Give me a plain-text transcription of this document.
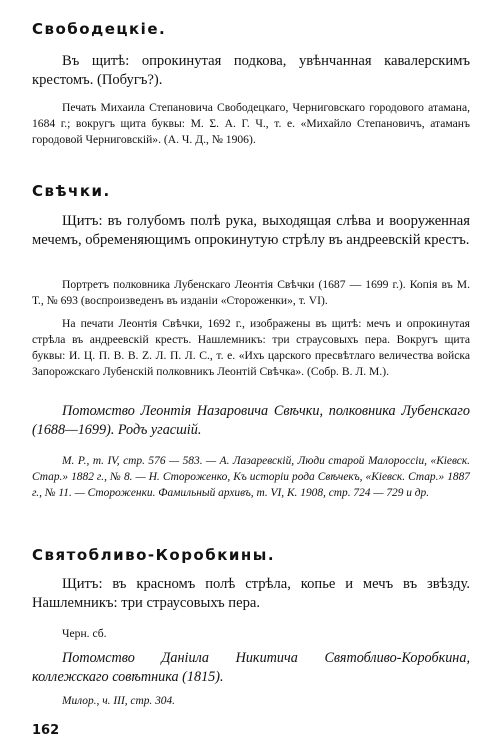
Свободецкіе.

Въ щитѣ: опрокинутая подкова, увѣнчанная кавалерскимъ крестомъ. (Побугъ?).

Печать Михаила Степановича Свободецкаго, Черниговскаго городового атамана, 1684 г.; вокругъ щита буквы: М. Σ. А. Г. Ч., т. е. «Михайло Степановичъ, атаманъ городовой Черниговскій». (А. Ч. Д., № 1906).

Свѣчки.

Щитъ: въ голубомъ полѣ рука, выходящая слѣва и вооруженная мечемъ, обременяющимъ опрокинутую стрѣлу въ андреевскій крестъ.

Портретъ полковника Лубенскаго Леонтія Свѣчки (1687 — 1699 г.). Копія въ М. Т., № 693 (воспроизведенъ въ изданіи «Стороженки», т. VI).

На печати Леонтія Свѣчки, 1692 г., изображены въ щитѣ: мечъ и опрокинутая стрѣла въ андреевскій крестъ. Нашлемникъ: три страусовыхъ пера. Вокругъ щита буквы: И. Ц. П. В. В. Z. Л. П. Л. С., т. е. «Ихъ царского пресвѣтлаго величества войска Запорожскаго Лубенскій полковникъ Леонтій Свѣчка». (Собр. В. Л. М.).

Потомство Леонтія Назаровича Свѣчки, полковника Лубенскаго (1688—1699). Родъ угасшій.

М. Р., т. IV, стр. 576 — 583. — А. Лазаревскій, Люди старой Малороссіи, «Кіевск. Стар.» 1882 г., № 8. — Н. Стороженко, Къ исторіи рода Свѣчекъ, «Кіевск. Стар.» 1887 г., № 11. — Стороженки. Фамильный архивъ, т. VI, К. 1908, стр. 724 — 729 и др.

Святобливо-Коробкины.

Щитъ: въ красномъ полѣ стрѣла, копье и мечъ въ звѣзду. Нашлемникъ: три страусовыхъ пера.

Черн. сб.

Потомство Данiила Никитича Святобливо-Коробкина, коллежскаго совѣтника (1815).

Милор., ч. III, стр. 304.
162
